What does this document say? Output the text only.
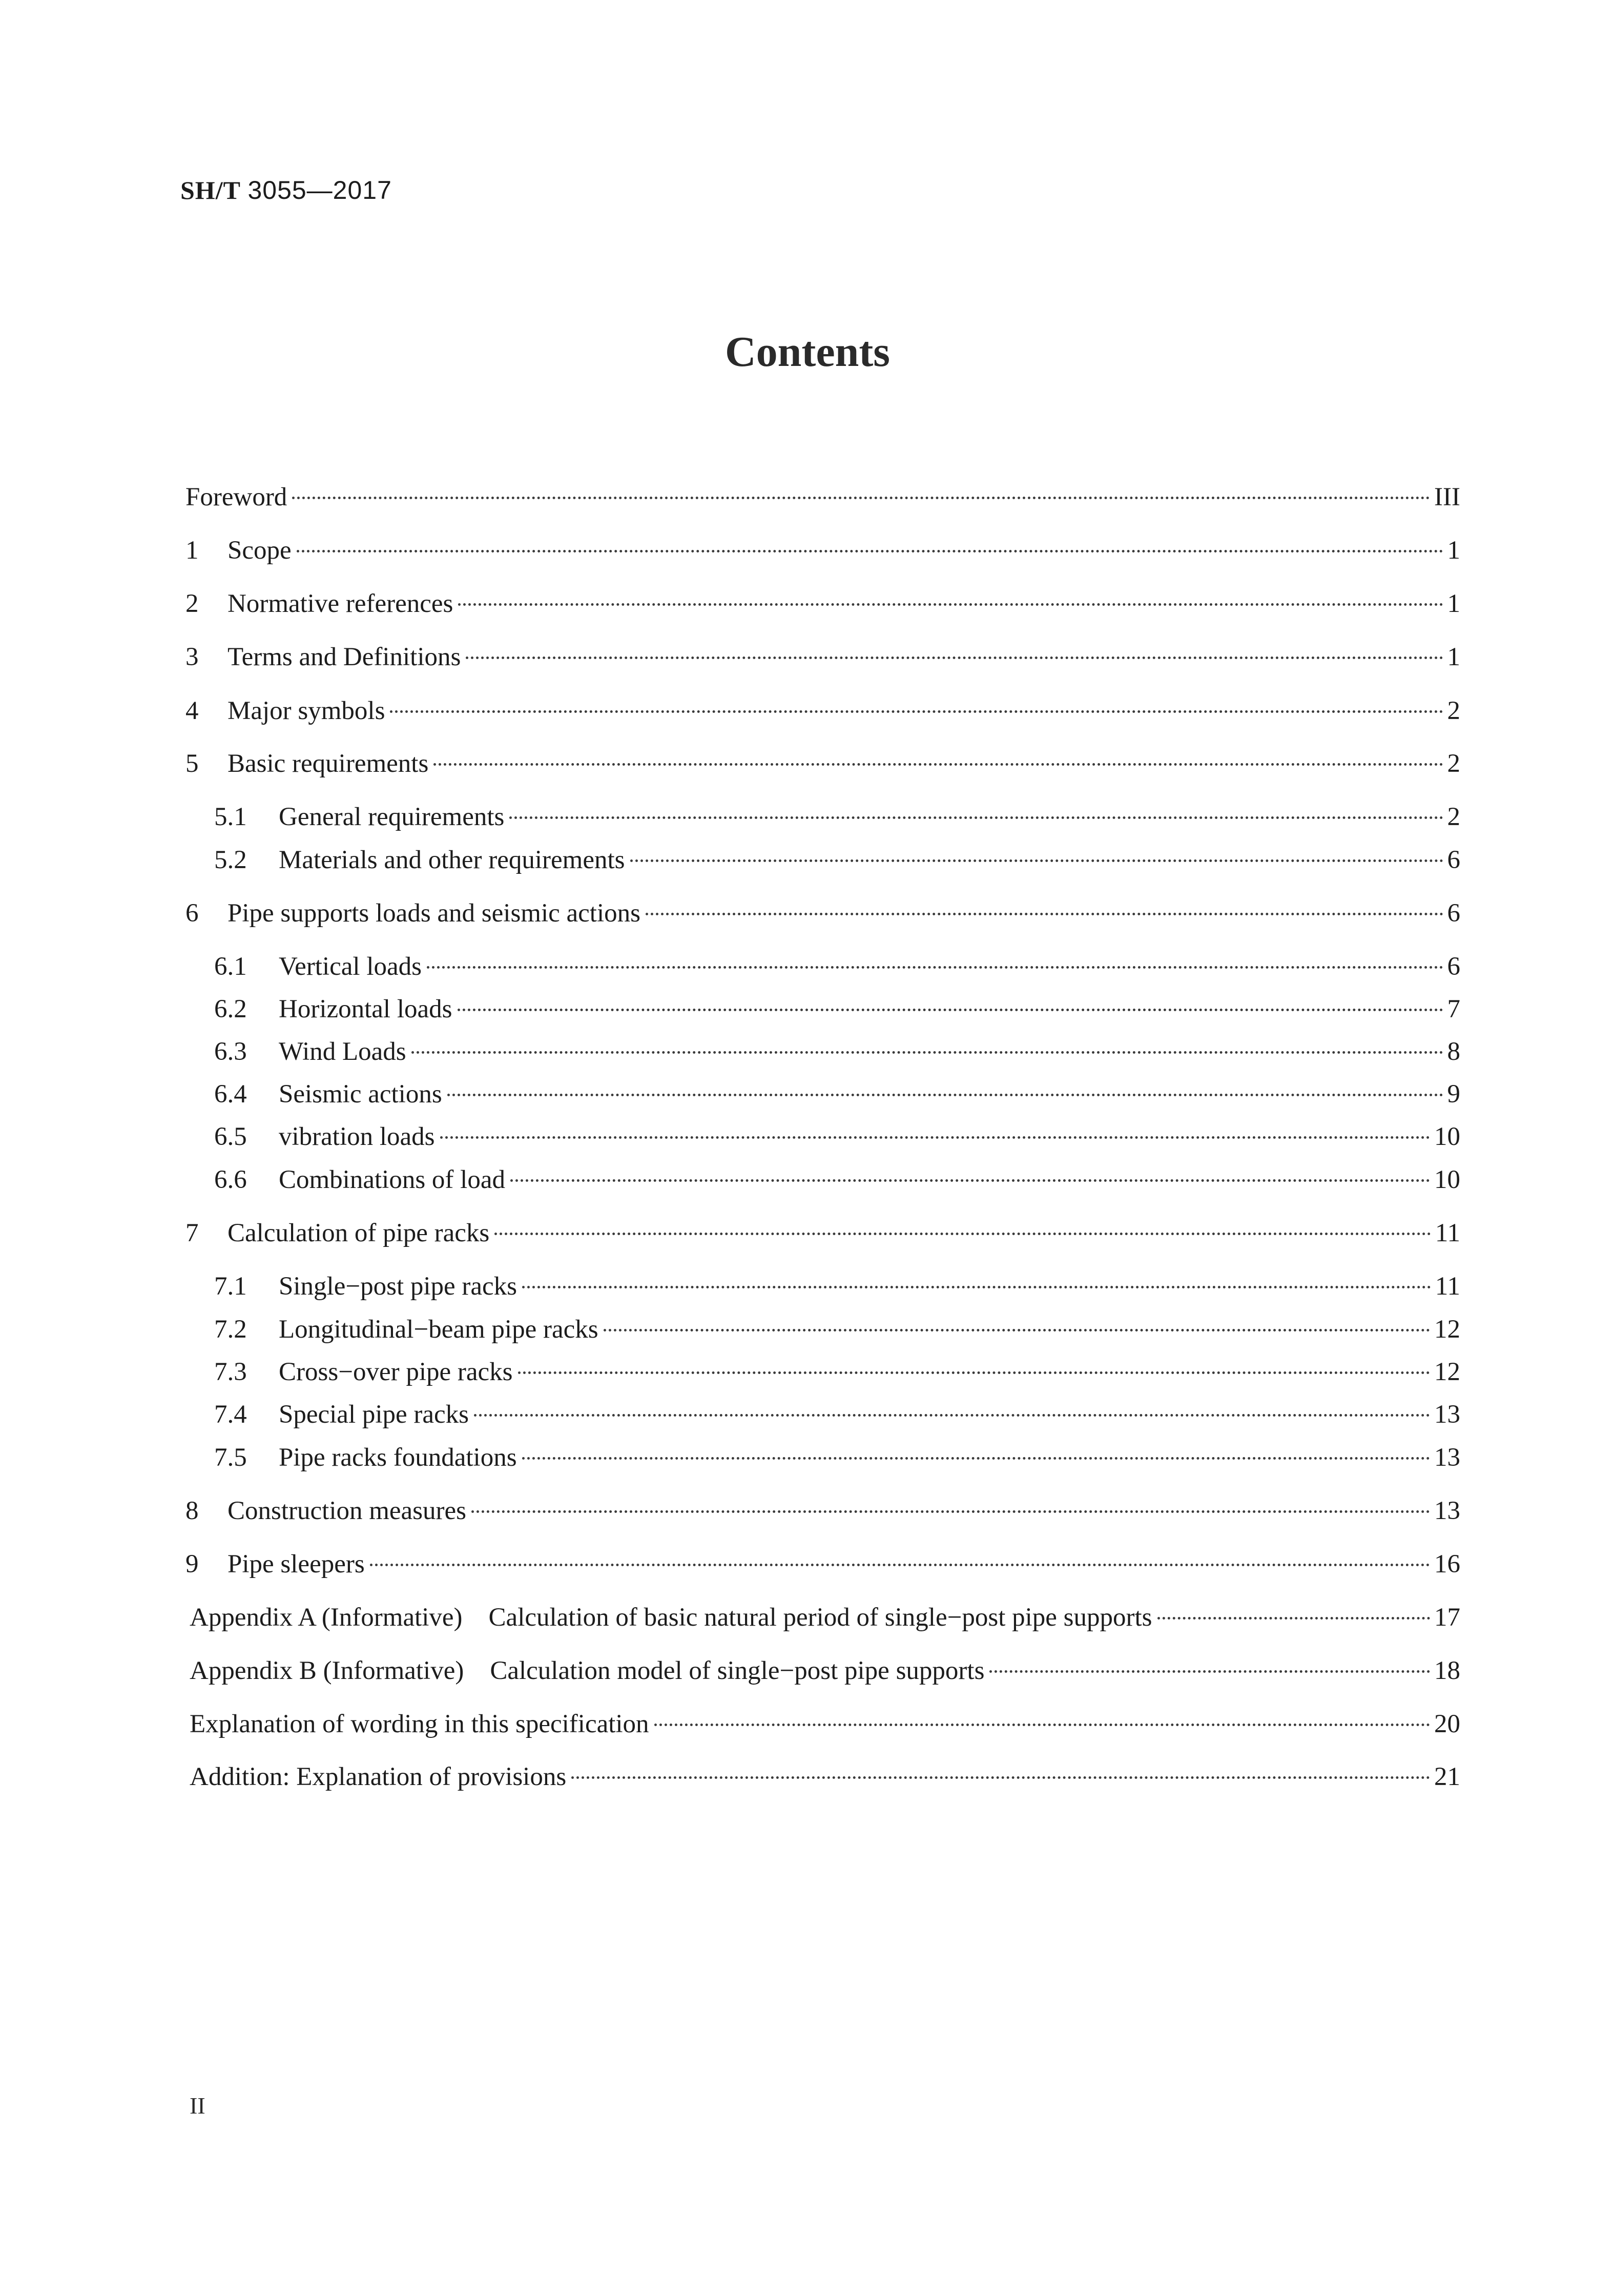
SH/T 3055—2017
Contents
Foreword	III
1	Scope	1
2	Normative references	1
3	Terms and Definitions	1
4	Major symbols	2
5	Basic requirements	2
5.1	General requirements	2
5.2	Materials and other requirements	6
6	Pipe supports loads and seismic actions	6
6.1	Vertical loads	6
6.2	Horizontal loads	7
6.3	Wind Loads	8
6.4	Seismic actions	9
6.5	vibration loads	10
6.6	Combinations of load	10
7	Calculation of pipe racks	11
7.1	Single−post pipe racks	11
7.2	Longitudinal−beam pipe racks	12
7.3	Cross−over pipe racks	12
7.4	Special pipe racks	13
7.5	Pipe racks foundations	13
8	Construction measures	13
9	Pipe sleepers	16
Appendix A (Informative)    Calculation of basic natural period of single−post pipe supports	17
Appendix B (Informative)    Calculation model of single−post pipe supports	18
Explanation of wording in this specification	20
Addition: Explanation of provisions	21
II
